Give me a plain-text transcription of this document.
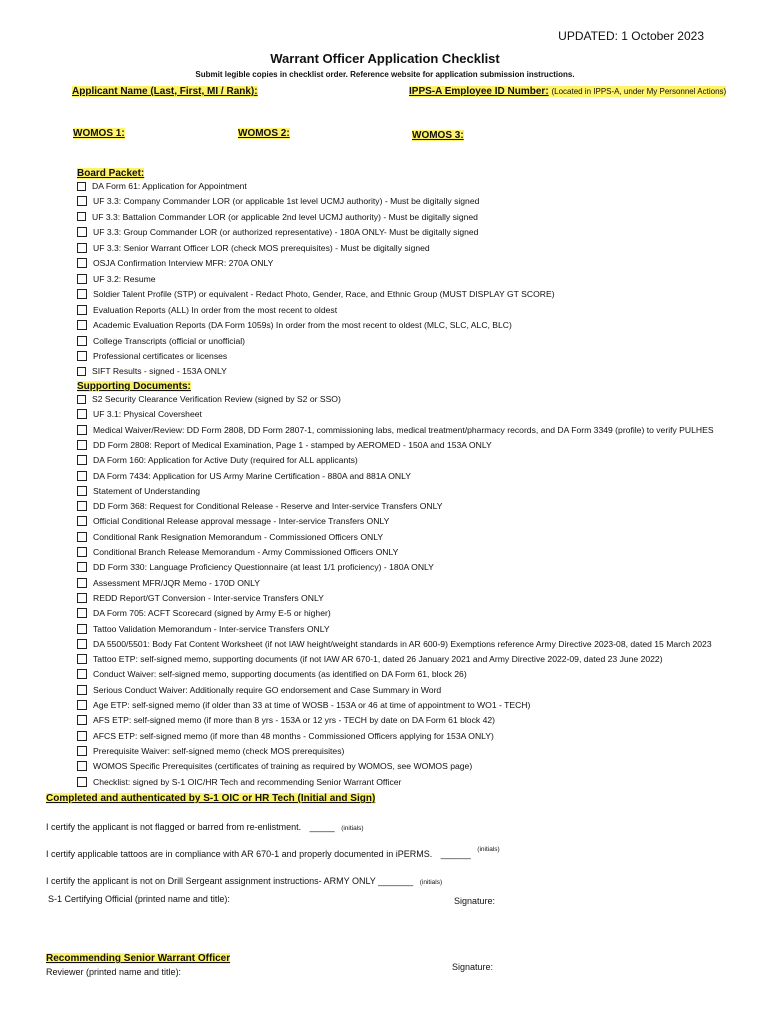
UPDATED: 1 October 2023
Warrant Officer Application Checklist
Submit legible copies in checklist order. Reference website for application submission instructions.
Applicant Name (Last, First, MI / Rank):	IPPS-A Employee ID Number: (Located in IPPS-A, under My Personnel Actions)
WOMOS 1:	WOMOS 2:	WOMOS 3:
Board Packet:
DA Form 61: Application for Appointment
UF 3.3: Company Commander LOR (or applicable 1st level UCMJ authority) - Must be digitally signed
UF 3.3: Battalion Commander LOR (or applicable 2nd level UCMJ authority) - Must be digitally signed
UF 3.3: Group Commander LOR (or authorized representative) - 180A ONLY- Must be digitally signed
UF 3.3: Senior Warrant Officer LOR (check MOS prerequisites) - Must be digitally signed
OSJA Confirmation Interview MFR: 270A ONLY
UF 3.2: Resume
Soldier Talent Profile (STP) or equivalent - Redact Photo, Gender, Race, and Ethnic Group (MUST DISPLAY GT SCORE)
Evaluation Reports (ALL) In order from the most recent to oldest
Academic Evaluation Reports (DA Form 1059s) In order from the most recent to oldest (MLC, SLC, ALC, BLC)
College Transcripts (official or unofficial)
Professional certificates or licenses
SIFT Results - signed - 153A ONLY
Supporting Documents:
S2 Security Clearance Verification Review (signed by S2 or SSO)
UF 3.1: Physical Coversheet
Medical Waiver/Review: DD Form 2808, DD Form 2807-1, commissioning labs, medical treatment/pharmacy records, and DA Form 3349 (profile) to verify PULHES
DD Form 2808: Report of Medical Examination, Page 1 - stamped by AEROMED - 150A and 153A ONLY
DA Form 160: Application for Active Duty (required for ALL applicants)
DA Form 7434: Application for US Army Marine Certification - 880A and 881A ONLY
Statement of Understanding
DD Form 368: Request for Conditional Release - Reserve and Inter-service Transfers ONLY
Official Conditional Release approval message - Inter-service Transfers ONLY
Conditional Rank Resignation Memorandum - Commissioned Officers ONLY
Conditional Branch Release Memorandum - Army Commissioned Officers ONLY
DD Form 330: Language Proficiency Questionnaire (at least 1/1 proficiency) - 180A ONLY
Assessment MFR/JQR Memo - 170D ONLY
REDD Report/GT Conversion - Inter-service Transfers ONLY
DA Form 705: ACFT Scorecard (signed by Army E-5 or higher)
Tattoo Validation Memorandum - Inter-service Transfers ONLY
DA 5500/5501: Body Fat Content Worksheet (if not IAW height/weight standards in AR 600-9) Exemptions reference Army Directive 2023-08, dated 15 March 2023
Tattoo ETP: self-signed memo, supporting documents (if not IAW AR 670-1, dated 26 January 2021 and Army Directive 2022-09, dated 23 June 2022)
Conduct Waiver: self-signed memo, supporting documents (as identified on DA Form 61, block 26)
Serious Conduct Waiver: Additionally require GO endorsement and Case Summary in Word
Age ETP: self-signed memo (if older than 33 at time of WOSB - 153A or 46 at time of appointment to WO1 - TECH)
AFS ETP: self-signed memo (if more than 8 yrs - 153A or 12 yrs - TECH by date on DA Form 61 block 42)
AFCS ETP: self-signed memo (if more than 48 months - Commissioned Officers applying for 153A ONLY)
Prerequisite Waiver: self-signed memo (check MOS prerequisites)
WOMOS Specific Prerequisites (certificates of training as required by WOMOS, see WOMOS page)
Checklist: signed by S-1 OIC/HR Tech and recommending Senior Warrant Officer
Completed and authenticated by S-1 OIC or HR Tech (Initial and Sign)
I certify the applicant is not flagged or barred from re-enlistment. _____ (initials)
I certify applicable tattoos are in compliance with AR 670-1 and properly documented in iPERMS. ______ $^{(initials)}$
I certify the applicant is not on Drill Sergeant assignment instructions- ARMY ONLY _______ (initials)
S-1 Certifying Official (printed name and title):	Signature:
Recommending Senior Warrant Officer
Reviewer (printed name and title):	Signature:
